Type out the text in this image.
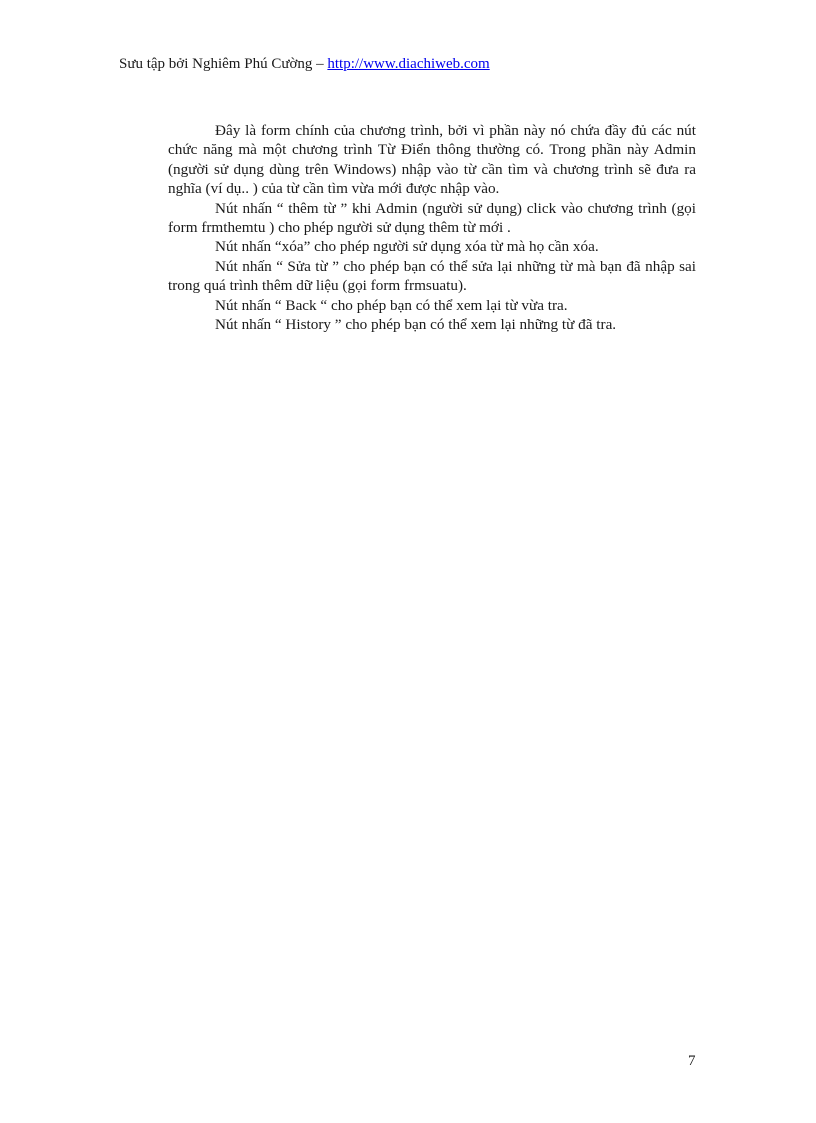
Sưu tập bởi Nghiêm Phú Cường – http://www.diachiweb.com

Đây là form chính của chương trình, bởi vì phần này nó chứa đầy đủ các nút chức năng mà một chương trình Từ Điển thông thường có. Trong phần này Admin (người sử dụng dùng trên Windows) nhập vào từ cần tìm và chương trình sẽ đưa ra nghĩa (ví dụ.. ) của từ cần tìm vừa mới được nhập vào.

Nút nhấn “ thêm từ ” khi Admin (người sử dụng) click vào chương trình (gọi form frmthemtu ) cho phép người sử dụng thêm từ mới .

Nút nhấn “xóa” cho phép người sử dụng xóa từ mà họ cần xóa.

Nút nhấn “ Sửa từ ” cho phép bạn có thể sửa lại những từ mà bạn đã nhập sai trong quá trình thêm dữ liệu (gọi form frmsuatu).

Nút nhấn “ Back “ cho phép bạn có thể xem lại từ vừa tra.

Nút nhấn “ History ” cho phép bạn có thể xem lại những từ đã tra.

7
